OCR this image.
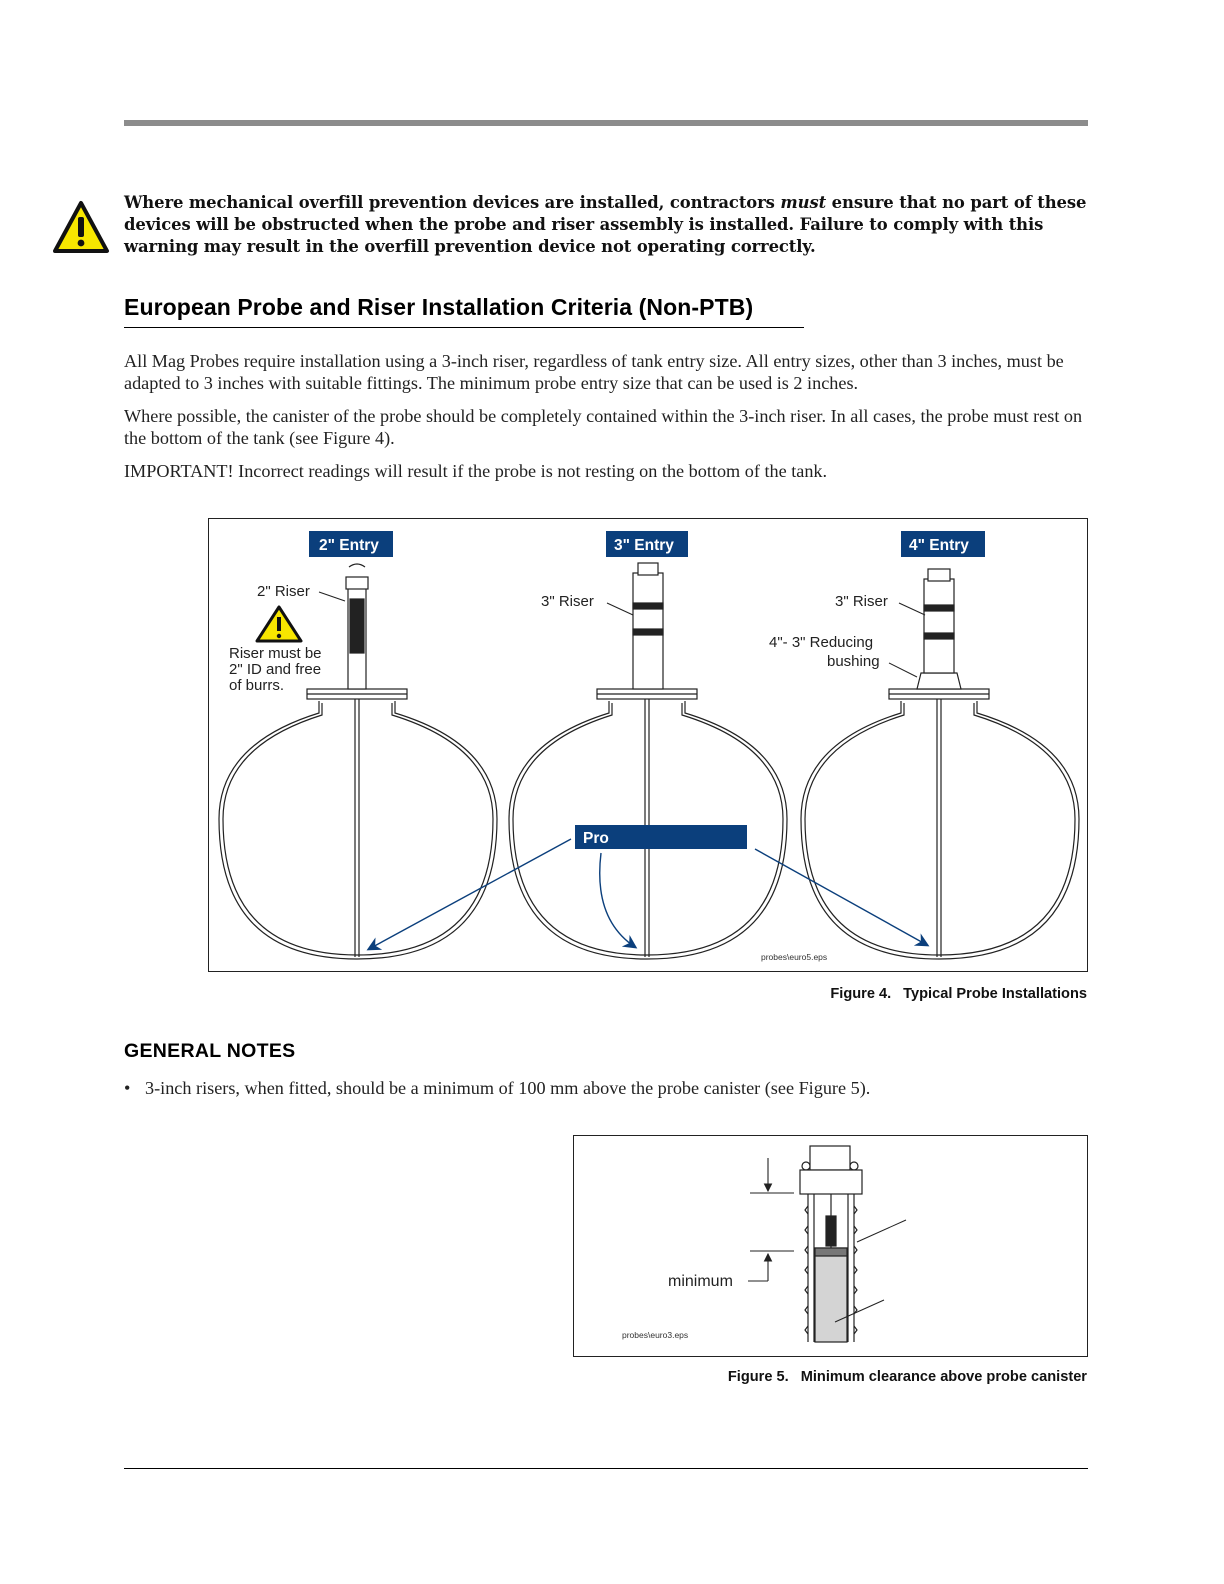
Where mechanical overfill prevention devices are installed, contractors must ensure that no part of these devices will be obstructed when the probe and riser assembly is installed. Failure to comply with this warning may result in the overfill prevention device not operating correctly.
European Probe and Riser Installation Criteria (Non-PTB)
All Mag Probes require installation using a 3-inch riser, regardless of tank entry size. All entry sizes, other than 3 inches, must be adapted to 3 inches with suitable fittings. The minimum probe entry size that can be used is 2 inches.
Where possible, the canister of the probe should be completely contained within the 3-inch riser. In all cases, the probe must rest on the bottom of the tank (see Figure 4).
IMPORTANT! Incorrect readings will result if the probe is not resting on the bottom of the tank.
2" Riser
Riser must be
2" ID and free
of burrs.
3" Riser	3" Riser
4"- 3" Reducing
bushing
2" Entry	3" Entry	4" Entry
Pro
probes\euro5.eps
Figure 4. Typical Probe Installations
GENERAL NOTES
• 3-inch risers, when fitted, should be a minimum of 100 mm above the probe canister (see Figure 5).
minimum
probes\euro3.eps
Figure 5. Minimum clearance above probe canister
